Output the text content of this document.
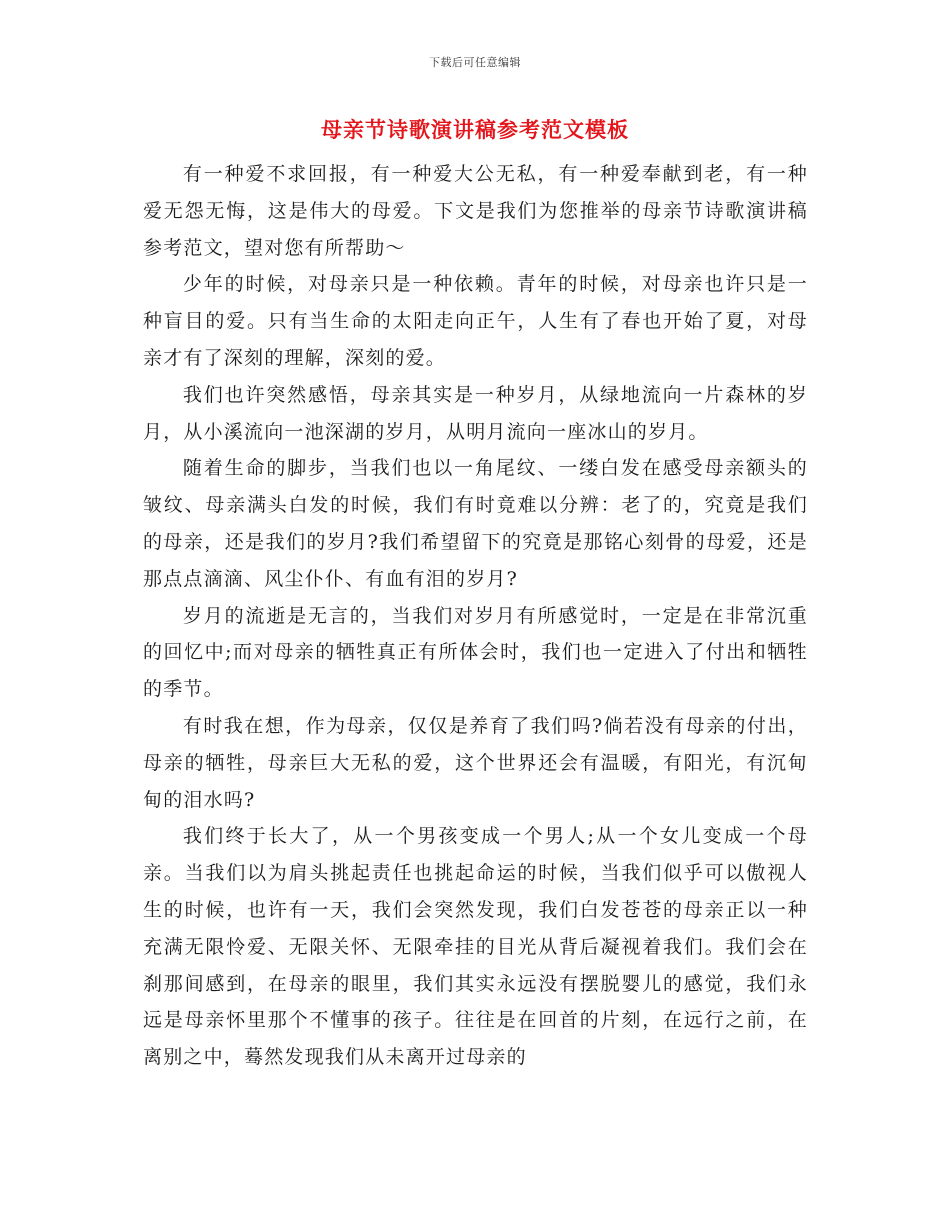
下载后可任意编辑
母亲节诗歌演讲稿参考范文模板

有一种爱不求回报，有一种爱大公无私，有一种爱奉献到老，有一种爱无怨无悔，这是伟大的母爱。下文是我们为您推举的母亲节诗歌演讲稿参考范文，望对您有所帮助～

少年的时候，对母亲只是一种依赖。青年的时候，对母亲也许只是一种盲目的爱。只有当生命的太阳走向正午，人生有了春也开始了夏，对母亲才有了深刻的理解，深刻的爱。

我们也许突然感悟，母亲其实是一种岁月，从绿地流向一片森林的岁月，从小溪流向一池深湖的岁月，从明月流向一座冰山的岁月。

随着生命的脚步，当我们也以一角尾纹、一缕白发在感受母亲额头的皱纹、母亲满头白发的时候，我们有时竟难以分辨：老了的，究竟是我们的母亲，还是我们的岁月?我们希望留下的究竟是那铭心刻骨的母爱，还是那点点滴滴、风尘仆仆、有血有泪的岁月?

岁月的流逝是无言的，当我们对岁月有所感觉时，一定是在非常沉重的回忆中;而对母亲的牺牲真正有所体会时，我们也一定进入了付出和牺牲的季节。

有时我在想，作为母亲，仅仅是养育了我们吗?倘若没有母亲的付出，母亲的牺牲，母亲巨大无私的爱，这个世界还会有温暖，有阳光，有沉甸甸的泪水吗?

我们终于长大了，从一个男孩变成一个男人;从一个女儿变成一个母亲。当我们以为肩头挑起责任也挑起命运的时候，当我们似乎可以傲视人生的时候，也许有一天，我们会突然发现，我们白发苍苍的母亲正以一种充满无限怜爱、无限关怀、无限牵挂的目光从背后凝视着我们。我们会在刹那间感到，在母亲的眼里，我们其实永远没有摆脱婴儿的感觉，我们永远是母亲怀里那个不懂事的孩子。往往是在回首的片刻，在远行之前，在离别之中，蓦然发现我们从未离开过母亲的
